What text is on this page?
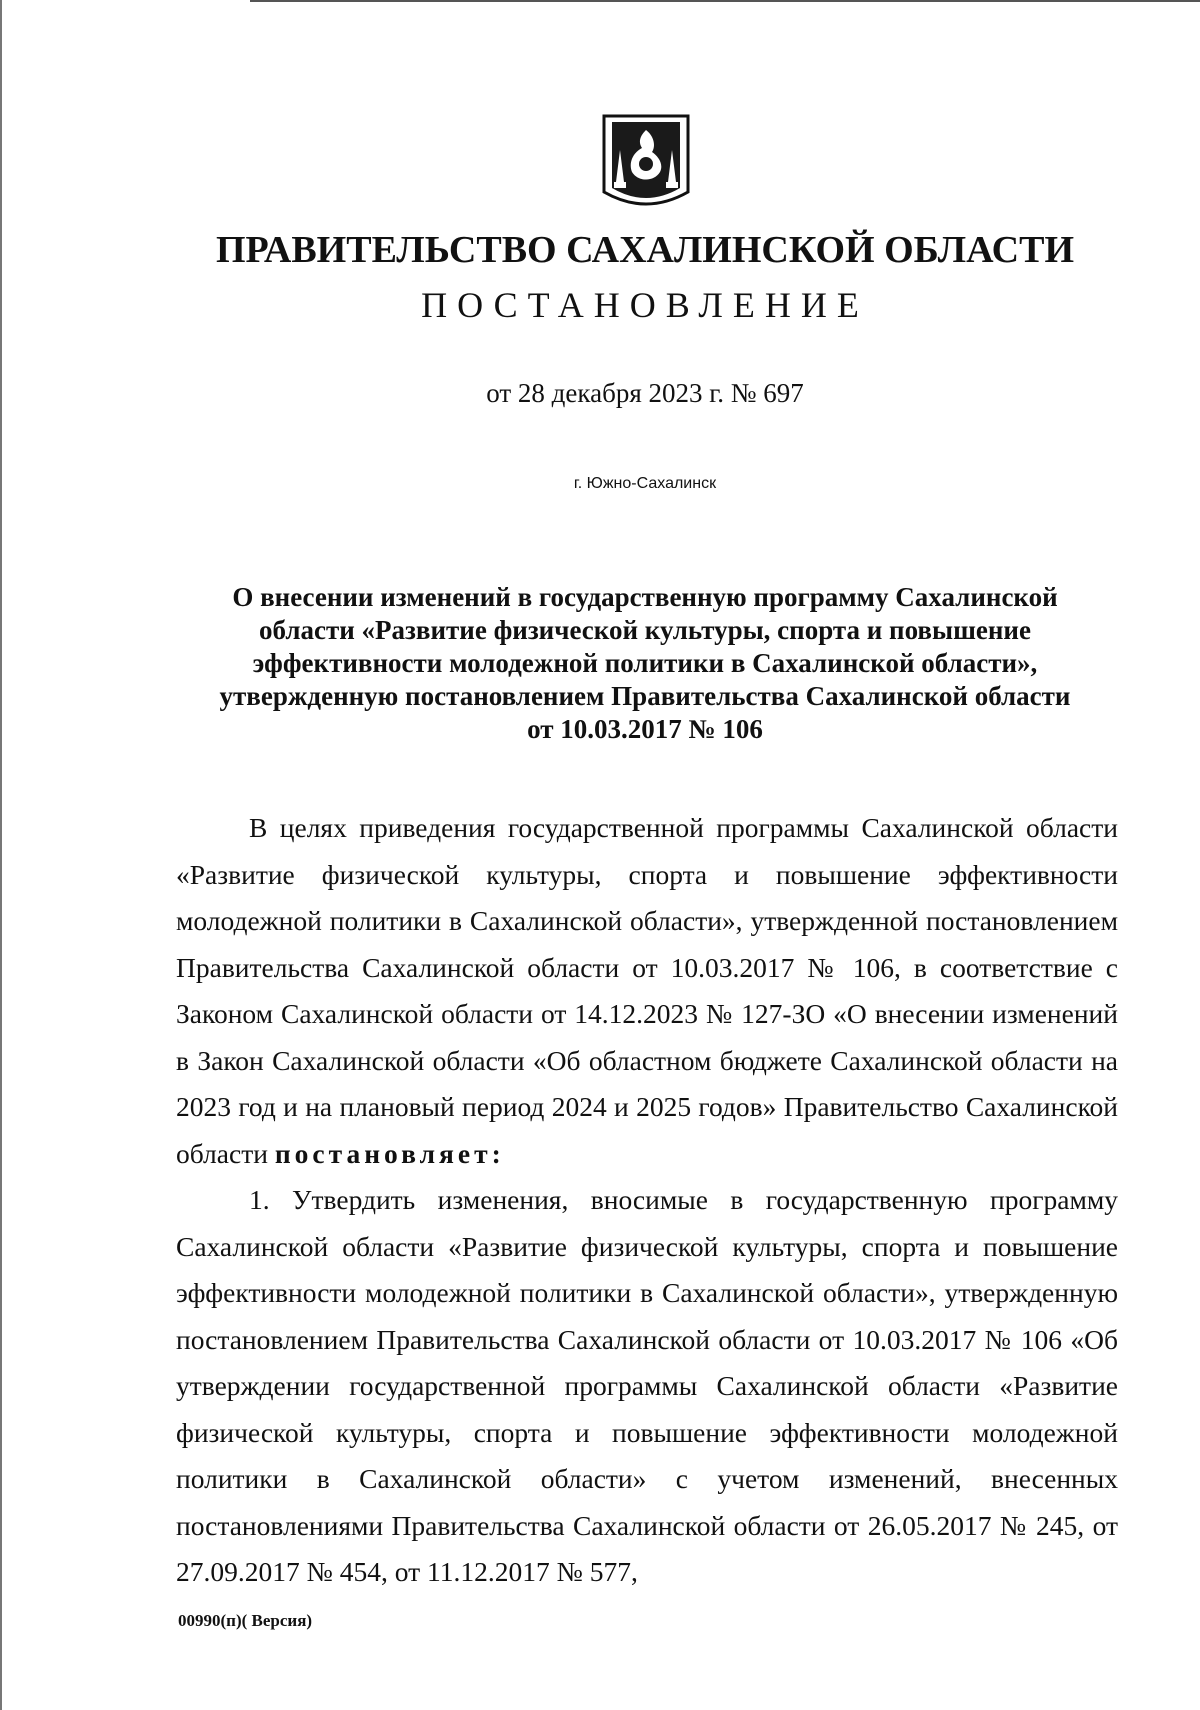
ПРАВИТЕЛЬСТВО САХАЛИНСКОЙ ОБЛАСТИ
ПОСТАНОВЛЕНИЕ
от 28 декабря 2023 г. № 697
г. Южно-Сахалинск
О внесении изменений в государственную программу Сахалинской
области «Развитие физической культуры, спорта и повышение
эффективности молодежной политики в Сахалинской области»,
утвержденную постановлением Правительства Сахалинской области
от 10.03.2017 № 106

В целях приведения государственной программы Сахалинской области «Развитие физической культуры, спорта и повышение эффективности молодежной политики в Сахалинской области», утвержденной постановлением Правительства Сахалинской области от 10.03.2017 № 106, в соответствие с Законом Сахалинской области от 14.12.2023 № 127-ЗО «О внесении изменений в Закон Сахалинской области «Об областном бюджете Сахалинской области на 2023 год и на плановый период 2024 и 2025 годов» Правительство Сахалинской области постановляет:

1. Утвердить изменения, вносимые в государственную программу Сахалинской области «Развитие физической культуры, спорта и повышение эффективности молодежной политики в Сахалинской области», утвержденную постановлением Правительства Сахалинской области от 10.03.2017 № 106 «Об утверждении государственной программы Сахалинской области «Развитие физической культуры, спорта и повышение эффективности молодежной политики в Сахалинской области» с учетом изменений, внесенных постановлениями Правительства Сахалинской области от 26.05.2017 № 245, от 27.09.2017 № 454, от 11.12.2017 № 577,

00990(п)( Версия)
